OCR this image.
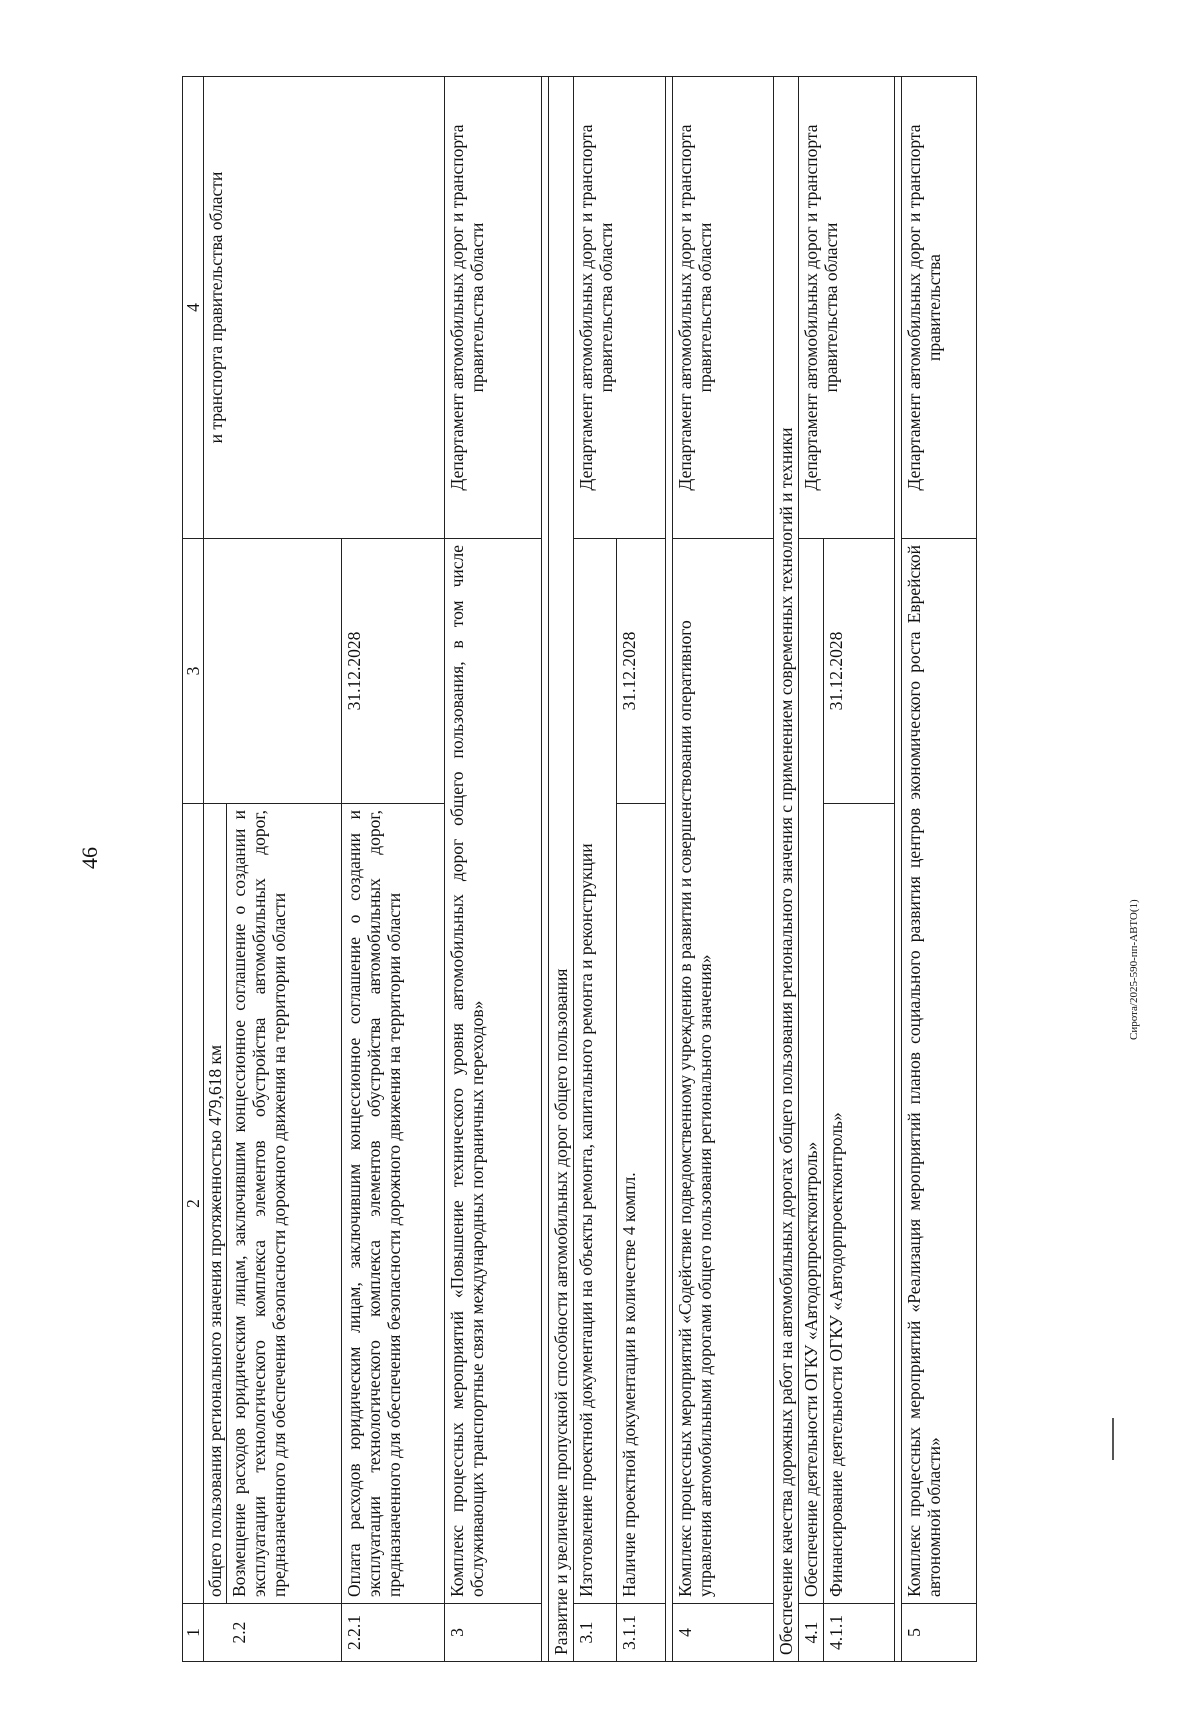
46
1	2	3	4
	общего пользования регионального значения протяженностью 479,618 км		и транспорта правительства области
2.2	Возмещение расходов юридическим лицам, заключившим концессионное соглашение о создании и эксплуатации технологического комплекса элементов обустройства автомобильных дорог, предназначенного для обеспечения безопасности дорожного движения на территории области		
2.2.1	Оплата расходов юридическим лицам, заключившим концессионное соглашение о создании и эксплуатации технологического комплекса элементов обустройства автомобильных дорог, предназначенного для обеспечения безопасности дорожного движения на территории области	31.12.2028	
3	Комплекс процессных мероприятий «Повышение технического уровня автомобильных дорог общего пользования, в том числе обслуживающих транспортные связи международных пограничных переходов»		Департамент автомобильных дорог и транспорта правительства области

Развитие и увеличение пропускной способности автомобильных дорог общего пользования			
3.1	Изготовление проектной документации на объекты ремонта, капитального ремонта и реконструкции		Департамент автомобильных дорог и транспорта правительства области
3.1.1	Наличие проектной документации в количестве 4 компл.	31.12.2028	

4	Комплекс процессных мероприятий «Содействие подведомственному учреждению в развитии и совершенствовании оперативного управления автомобильными дорогами общего пользования регионального значения»		Департамент автомобильных дорог и транспорта правительства области
Обеспечение качества дорожных работ на автомобильных дорогах общего пользования регионального значения с применением современных технологий и техники			
4.1	Обеспечение деятельности ОГКУ «Автодорпроектконтроль»		Департамент автомобильных дорог и транспорта правительства области
4.1.1	Финансирование деятельности ОГКУ «Автодорпроектконтроль»	31.12.2028	

5	Комплекс процессных мероприятий «Реализация мероприятий планов социального развития центров экономического роста Еврейской автономной области»		Департамент автомобильных дорог и транспорта правительства
Сирота/2025-590-пп-АВТО(1)
